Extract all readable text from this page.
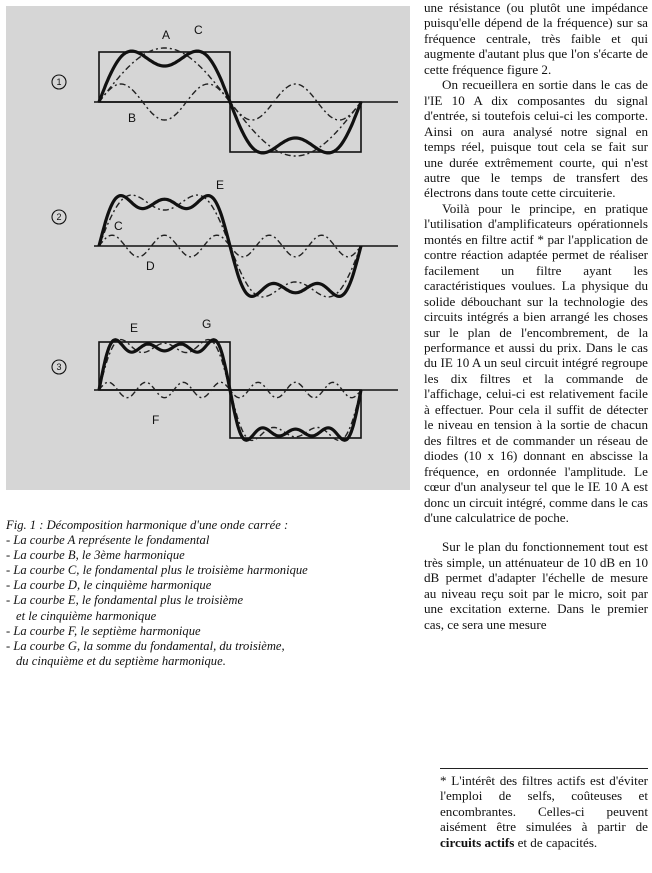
1
A C
B
2
E
C
D
3
E	G
F
Fig. 1 : Décomposition harmonique d'une onde carrée :
- La courbe A représente le fondamental
- La courbe B, le 3ème harmonique
- La courbe C, le fondamental plus le troisième harmonique
- La courbe D, le cinquième harmonique
- La courbe E, le fondamental plus le troisième
et le cinquième harmonique
- La courbe F, le septième harmonique
- La courbe G, la somme du fondamental, du troisième,
du cinquième et du septième harmonique.

une résistance (ou plutôt une impédance puisqu'elle dépend de la fréquence) sur sa fréquence centrale, très faible et qui augmente d'autant plus que l'on s'écarte de cette fréquence figure 2.

On recueillera en sortie dans le cas de l'IE 10 A dix composantes du signal d'entrée, si toutefois celui-ci les comporte. Ainsi on aura analysé notre signal en temps réel, puisque tout cela se fait sur une durée extrêmement courte, qui n'est autre que le temps de transfert des électrons dans toute cette circuiterie.

Voilà pour le principe, en pratique l'utilisation d'amplificateurs opérationnels montés en filtre actif * par l'application de contre réaction adaptée permet de réaliser facilement un filtre ayant les caractéristiques voulues. La physique du solide débouchant sur la technologie des circuits intégrés a bien arrangé les choses sur le plan de l'encombrement, de la performance et aussi du prix. Dans le cas du IE 10 A un seul circuit intégré regroupe les dix filtres et la commande de l'affichage, celui-ci est relativement facile à effectuer. Pour cela il suffit de détecter le niveau en tension à la sortie de chacun des filtres et de commander un réseau de diodes (10 x 16) donnant en abscisse la fréquence, en ordonnée l'amplitude. Le cœur d'un analyseur tel que le IE 10 A est donc un circuit intégré, comme dans le cas d'une calculatrice de poche.

Sur le plan du fonctionnement tout est très simple, un atténuateur de 10 dB en 10 dB permet d'adapter l'échelle de mesure au niveau reçu soit par le micro, soit par une excitation externe. Dans le premier cas, ce sera une mesure

* L'intérêt des filtres actifs est d'éviter l'emploi de selfs, coûteuses et encombrantes. Celles-ci peuvent aisément être simulées à partir de circuits actifs et de capacités.
